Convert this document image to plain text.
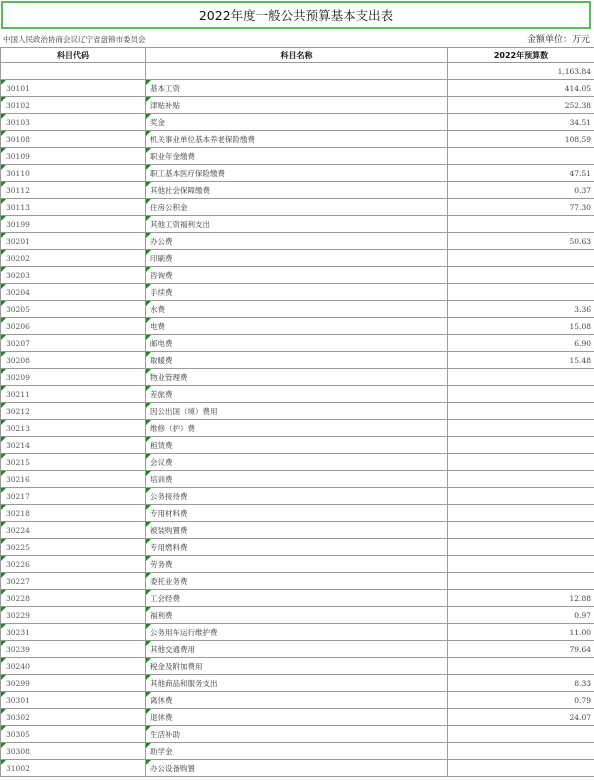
2022年度一般公共预算基本支出表
中国人民政治协商会议辽宁省盘锦市委员会	金额单位：万元
科目代码	科目名称	2022年预算数
		1,163.84

30101	基本工资	414.05

30102	津贴补贴	252.38

30103	奖金	34.51

30108	机关事业单位基本养老保险缴费	108.59

30109	职业年金缴费	

30110	职工基本医疗保险缴费	47.51

30112	其他社会保障缴费	0.37

30113	住房公积金	77.30

30199	其他工资福利支出	

30201	办公费	50.63

30202	印刷费	

30203	咨询费	

30204	手续费	

30205	水费	3.36

30206	电费	15.08

30207	邮电费	6.90

30208	取暖费	15.48

30209	物业管理费	

30211	差旅费	

30212	因公出国（境）费用	

30213	维修（护）费	

30214	租赁费	

30215	会议费	

30216	培训费	

30217	公务接待费	

30218	专用材料费	

30224	被装购置费	

30225	专用燃料费	

30226	劳务费	

30227	委托业务费	

30228	工会经费	12.88

30229	福利费	0.97

30231	公务用车运行维护费	11.00

30239	其他交通费用	79.64

30240	税金及附加费用	

30299	其他商品和服务支出	8.33

30301	离休费	0.79

30302	退休费	24.07

30305	生活补助	

30308	助学金	

31002	办公设备购置	
